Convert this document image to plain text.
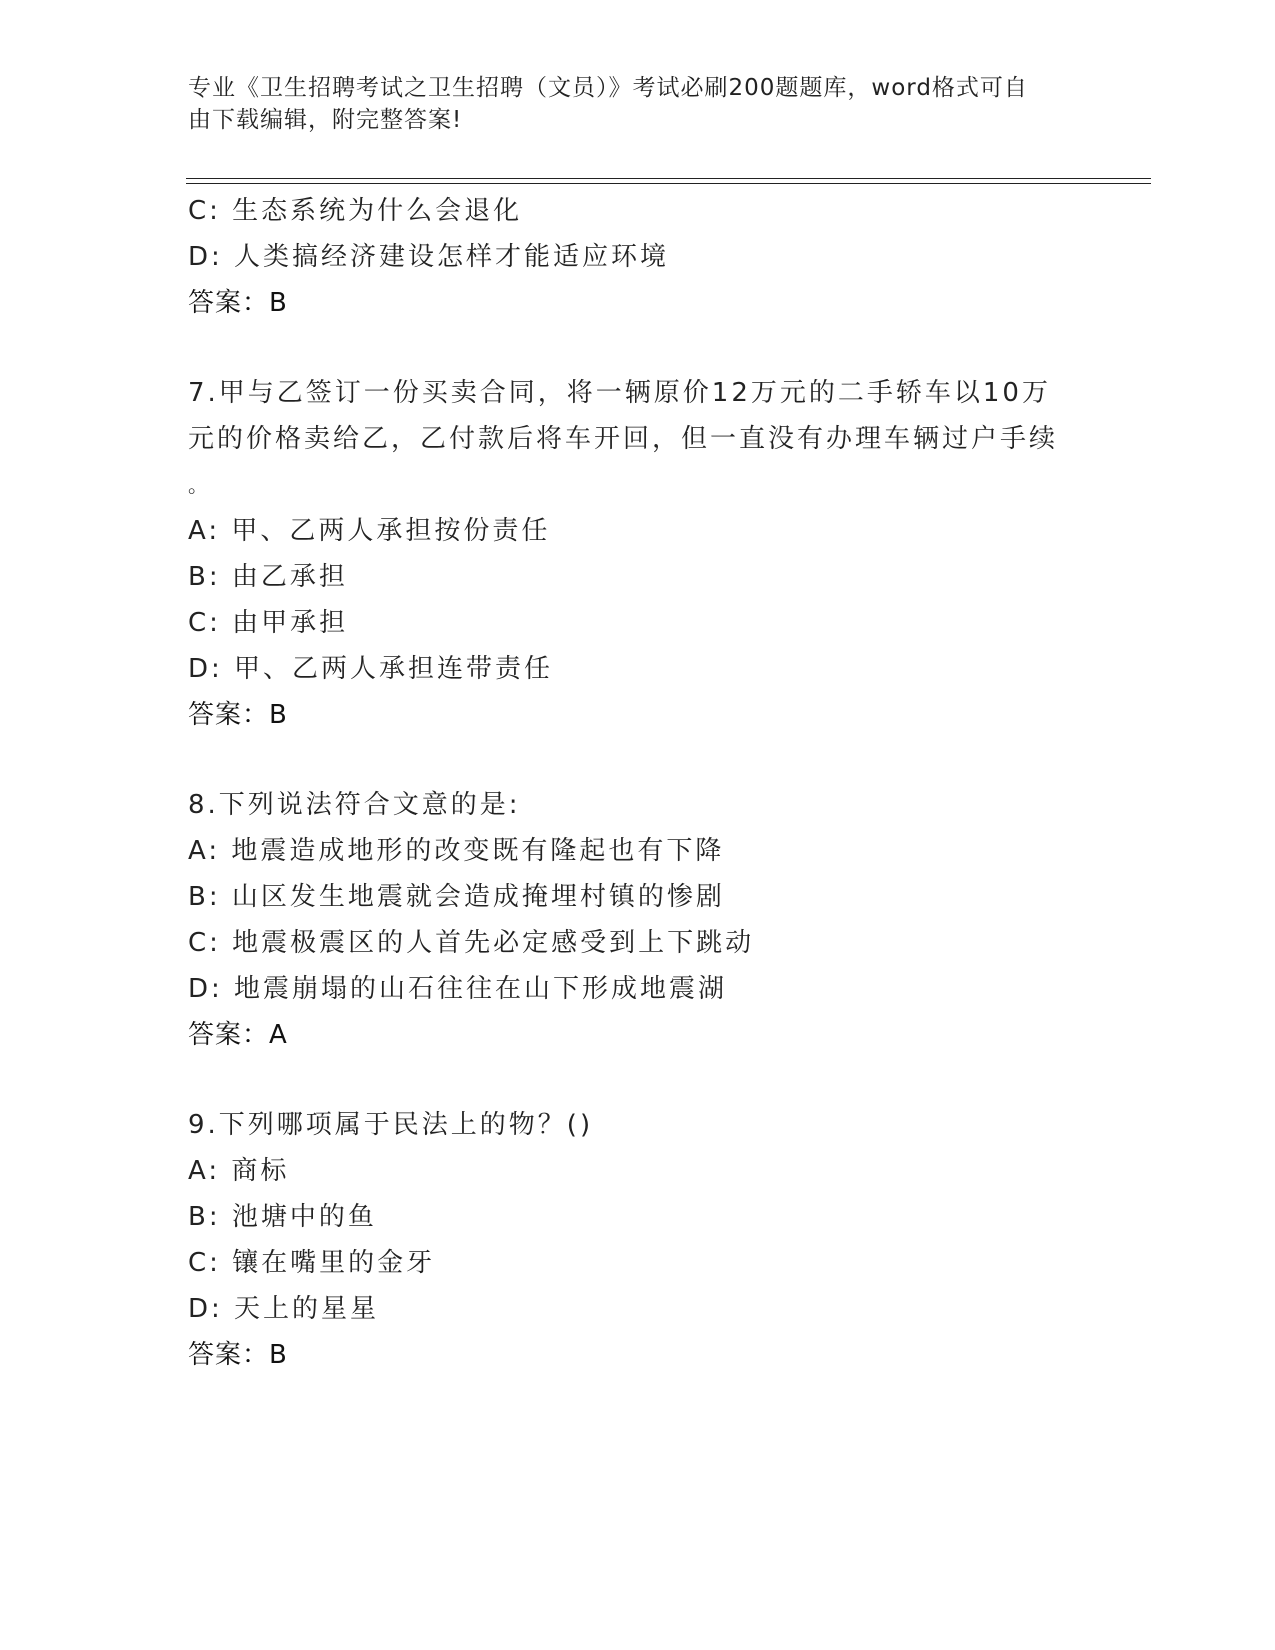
专业《卫生招聘考试之卫生招聘（文员）》考试必刷200题题库，word格式可自
由下载编辑，附完整答案!
C: 生态系统为什么会退化
D: 人类搞经济建设怎样才能适应环境
答案：B
7.甲与乙签订一份买卖合同，将一辆原价12万元的二手轿车以10万
元的价格卖给乙，乙付款后将车开回，但一直没有办理车辆过户手续
。
A: 甲、乙两人承担按份责任
B: 由乙承担
C: 由甲承担
D: 甲、乙两人承担连带责任
答案：B
8.下列说法符合文意的是:
A: 地震造成地形的改变既有隆起也有下降
B: 山区发生地震就会造成掩埋村镇的惨剧
C: 地震极震区的人首先必定感受到上下跳动
D: 地震崩塌的山石往往在山下形成地震湖
答案：A
9.下列哪项属于民法上的物？()
A: 商标
B: 池塘中的鱼
C: 镶在嘴里的金牙
D: 天上的星星
答案：B
